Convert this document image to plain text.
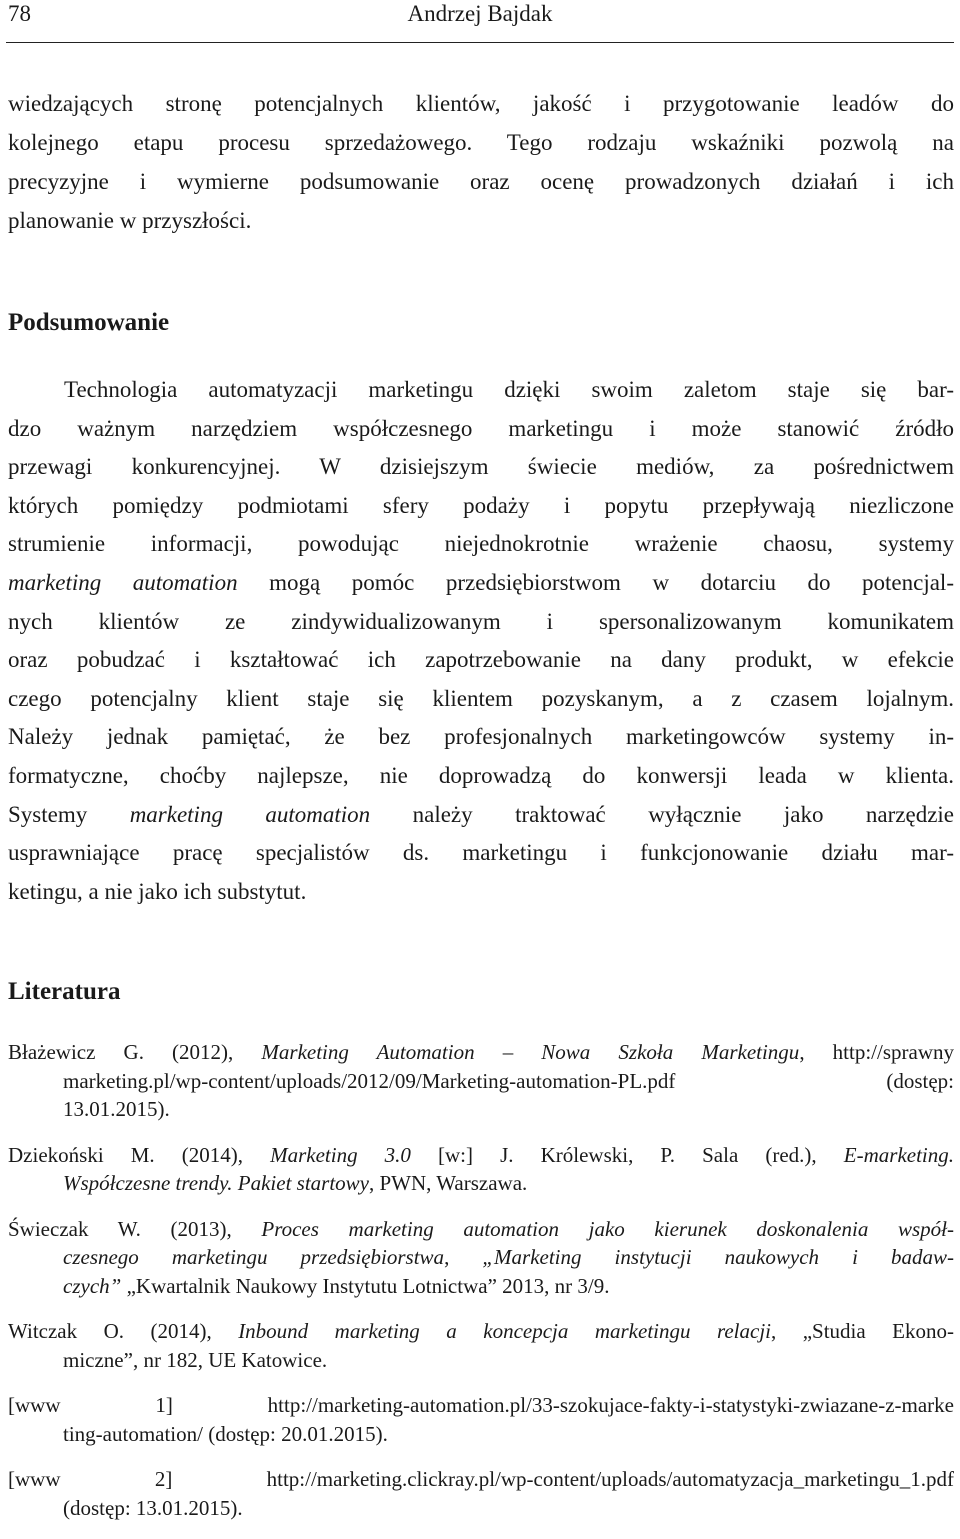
78	Andrzej Bajdak

wiedzających stronę potencjalnych klientów, jakość i przygotowanie leadów do
kolejnego etapu procesu sprzedażowego. Tego rodzaju wskaźniki pozwolą na
precyzyjne i wymierne podsumowanie oraz ocenę prowadzonych działań i ich
planowanie w przyszłości.

Podsumowanie

Technologia automatyzacji marketingu dzięki swoim zaletom staje się bar-
dzo ważnym narzędziem współczesnego marketingu i może stanowić źródło
przewagi konkurencyjnej. W dzisiejszym świecie mediów, za pośrednictwem
których pomiędzy podmiotami sfery podaży i popytu przepływają niezliczone
strumienie informacji, powodując niejednokrotnie wrażenie chaosu, systemy
marketing automation mogą pomóc przedsiębiorstwom w dotarciu do potencjal-
nych klientów ze zindywidualizowanym i spersonalizowanym komunikatem
oraz pobudzać i kształtować ich zapotrzebowanie na dany produkt, w efekcie
czego potencjalny klient staje się klientem pozyskanym, a z czasem lojalnym.
Należy jednak pamiętać, że bez profesjonalnych marketingowców systemy in-
formatyczne, choćby najlepsze, nie doprowadzą do konwersji leada w klienta.
Systemy marketing automation należy traktować wyłącznie jako narzędzie
usprawniające pracę specjalistów ds. marketingu i funkcjonowanie działu mar-
ketingu, a nie jako ich substytut.

Literatura
Błażewicz G. (2012), Marketing Automation – Nowa Szkoła Marketingu, http://sprawny
marketing.pl/wp-content/uploads/2012/09/Marketing-automation-PL.pdf (dostęp:
13.01.2015).
Dziekoński M. (2014), Marketing 3.0 [w:] J. Królewski, P. Sala (red.), E-marketing.
Współczesne trendy. Pakiet startowy, PWN, Warszawa.
Świeczak W. (2013), Proces marketing automation jako kierunek doskonalenia współ-
czesnego marketingu przedsiębiorstwa, „Marketing instytucji naukowych i badaw-
czych” „Kwartalnik Naukowy Instytutu Lotnictwa” 2013, nr 3/9.
Witczak O. (2014), Inbound marketing a koncepcja marketingu relacji, „Studia Ekono-
miczne”, nr 182, UE Katowice.
[www 1] http://marketing-automation.pl/33-szokujace-fakty-i-statystyki-zwiazane-z-marke
ting-automation/ (dostęp: 20.01.2015).
[www 2] http://marketing.clickray.pl/wp-content/uploads/automatyzacja_marketingu_1.pdf
(dostęp: 13.01.2015).
